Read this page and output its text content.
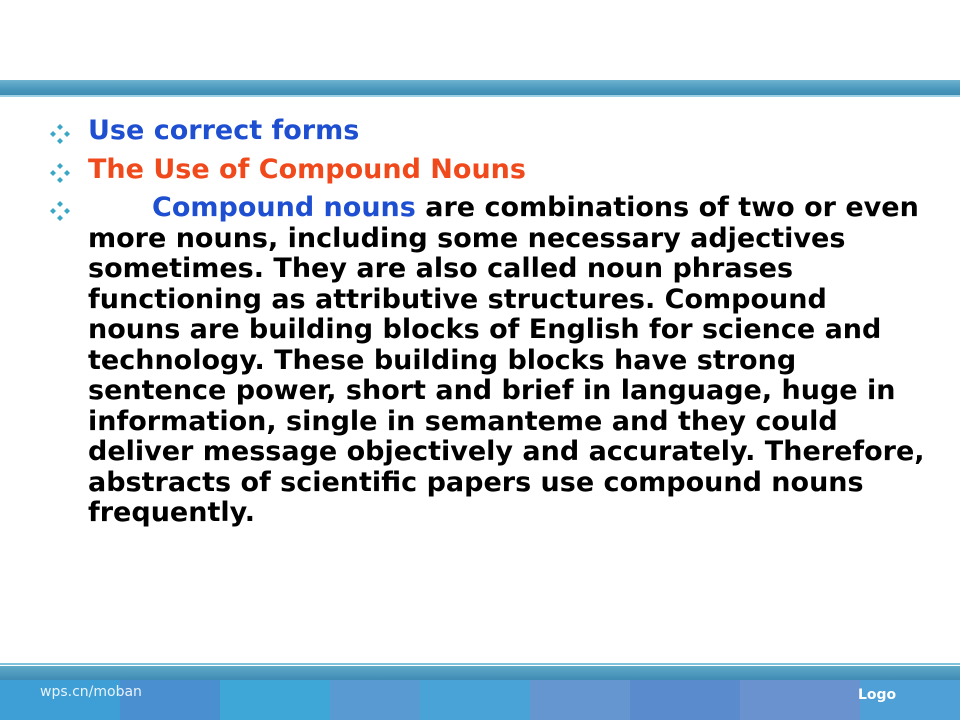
Use correct forms
The Use of Compound Nouns
Compound nouns are combinations of two or even more nouns, including some necessary adjectives sometimes. They are also called noun phrases functioning as attributive structures. Compound nouns are building blocks of English for science and technology. These building blocks have strong sentence power, short and brief in language, huge in information, single in semanteme and they could deliver message objectively and accurately. Therefore, abstracts of scientific papers use compound nouns frequently.
wps.cn/moban	Logo
